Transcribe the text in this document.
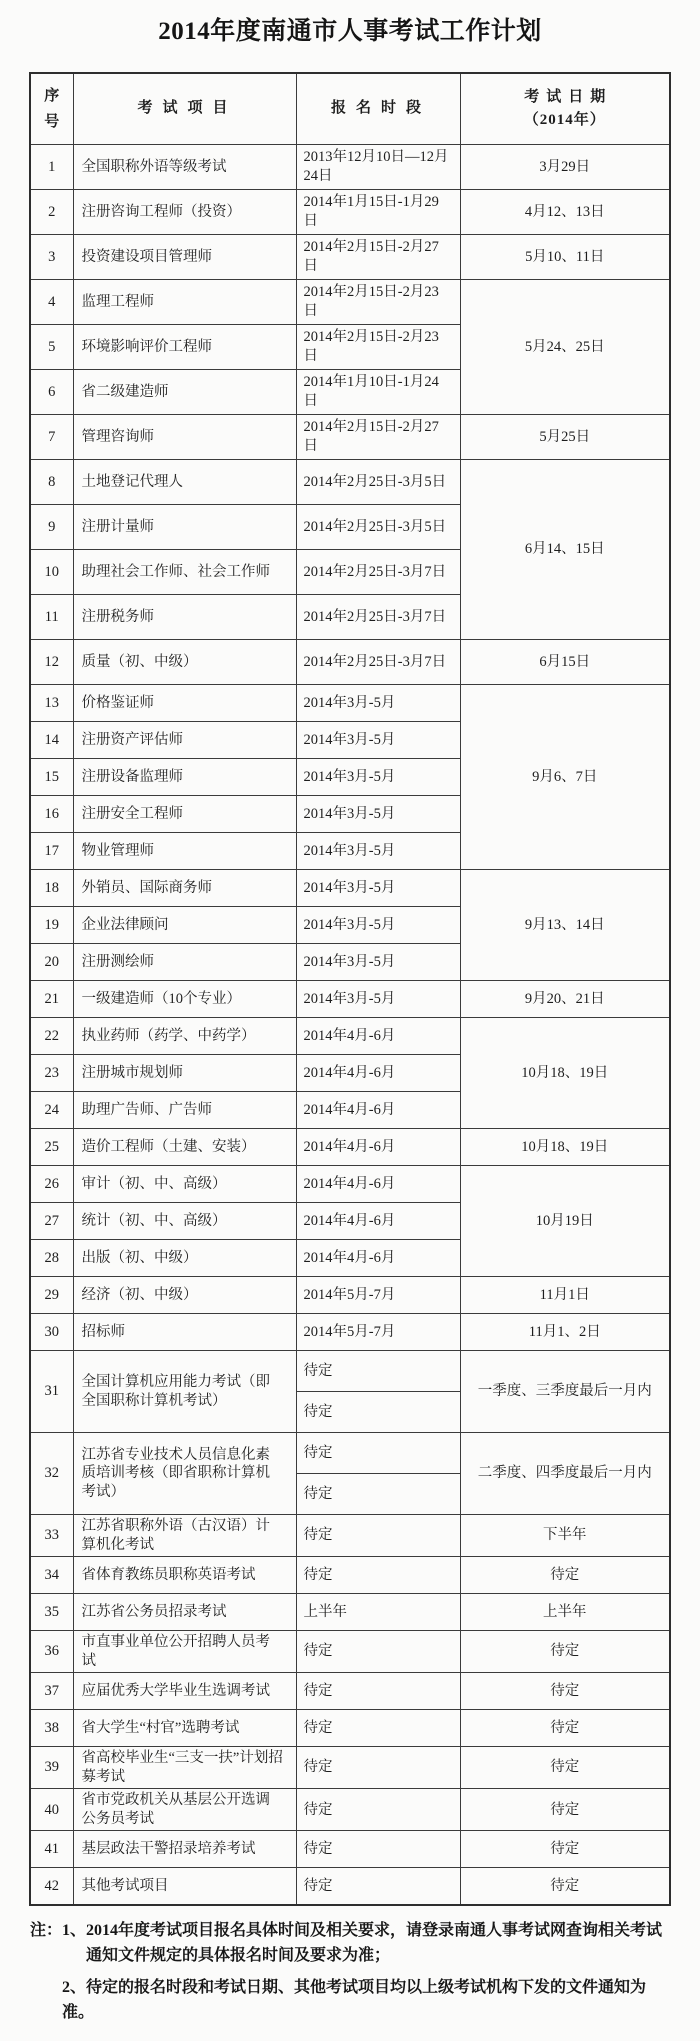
2014年度南通市人事考试工作计划
序号	考试项目	报名时段	考试日期
（2014年）

1	全国职称外语等级考试	2013年12月10日—12月24日	3月29日
2	注册咨询工程师（投资）	2014年1月15日-1月29日	4月12、13日
3	投资建设项目管理师	2014年2月15日-2月27日	5月10、11日
4	监理工程师	2014年2月15日-2月23日	5月24、25日
5	环境影响评价工程师	2014年2月15日-2月23日	
6	省二级建造师	2014年1月10日-1月24日	
7	管理咨询师	2014年2月15日-2月27日	5月25日
8	土地登记代理人	2014年2月25日-3月5日	6月14、15日
9	注册计量师	2014年2月25日-3月5日	
10	助理社会工作师、社会工作师	2014年2月25日-3月7日	
11	注册税务师	2014年2月25日-3月7日	
12	质量（初、中级）	2014年2月25日-3月7日	6月15日
13	价格鉴证师	2014年3月-5月	9月6、7日
14	注册资产评估师	2014年3月-5月	
15	注册设备监理师	2014年3月-5月	
16	注册安全工程师	2014年3月-5月	
17	物业管理师	2014年3月-5月	
18	外销员、国际商务师	2014年3月-5月	9月13、14日
19	企业法律顾问	2014年3月-5月	
20	注册测绘师	2014年3月-5月	
21	一级建造师（10个专业）	2014年3月-5月	9月20、21日
22	执业药师（药学、中药学）	2014年4月-6月	10月18、19日
23	注册城市规划师	2014年4月-6月	
24	助理广告师、广告师	2014年4月-6月	
25	造价工程师（土建、安装）	2014年4月-6月	10月18、19日
26	审计（初、中、高级）	2014年4月-6月	10月19日
27	统计（初、中、高级）	2014年4月-6月	
28	出版（初、中级）	2014年4月-6月	
29	经济（初、中级）	2014年5月-7月	11月1日
30	招标师	2014年5月-7月	11月1、2日
31	全国计算机应用能力考试（即全国职称计算机考试）	待定	一季度、三季度最后一月内
		待定	
32	江苏省专业技术人员信息化素质培训考核（即省职称计算机考试）	待定	二季度、四季度最后一月内
		待定	
33	江苏省职称外语（古汉语）计算机化考试	待定	下半年
34	省体育教练员职称英语考试	待定	待定
35	江苏省公务员招录考试	上半年	上半年
36	市直事业单位公开招聘人员考试	待定	待定
37	应届优秀大学毕业生选调考试	待定	待定
38	省大学生“村官”选聘考试	待定	待定
39	省高校毕业生“三支一扶”计划招募考试	待定	待定
40	省市党政机关从基层公开选调公务员考试	待定	待定
41	基层政法干警招录培养考试	待定	待定
42	其他考试项目	待定	待定

注：1、2014年度考试项目报名具体时间及相关要求，请登录南通人事考试网查询相关考试通知文件规定的具体报名时间及要求为准；

2、待定的报名时段和考试日期、其他考试项目均以上级考试机构下发的文件通知为准。
